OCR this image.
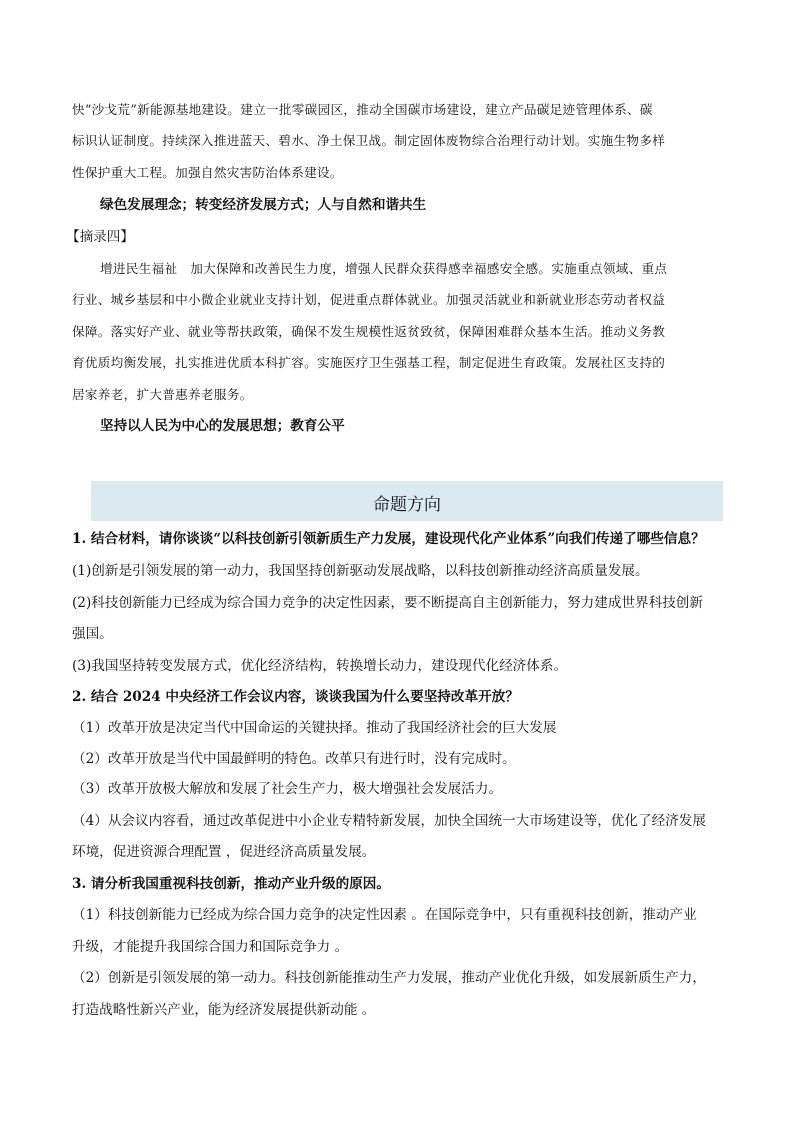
快“沙戈荒”新能源基地建设。建立一批零碳园区，推动全国碳市场建设，建立产品碳足迹管理体系、碳
标识认证制度。持续深入推进蓝天、碧水、净土保卫战。制定固体废物综合治理行动计划。实施生物多样
性保护重大工程。加强自然灾害防治体系建设。
绿色发展理念；转变经济发展方式；人与自然和谐共生
【摘录四】
增进民生福祉　加大保障和改善民生力度，增强人民群众获得感幸福感安全感。实施重点领域、重点
行业、城乡基层和中小微企业就业支持计划，促进重点群体就业。加强灵活就业和新就业形态劳动者权益
保障。落实好产业、就业等帮扶政策，确保不发生规模性返贫致贫，保障困难群众基本生活。推动义务教
育优质均衡发展，扎实推进优质本科扩容。实施医疗卫生强基工程，制定促进生育政策。发展社区支持的
居家养老，扩大普惠养老服务。
坚持以人民为中心的发展思想；教育公平
命题方向
1. 结合材料，请你谈谈“以科技创新引领新质生产力发展，建设现代化产业体系”向我们传递了哪些信息？
(1)创新是引领发展的第一动力，我国坚持创新驱动发展战略，以科技创新推动经济高质量发展。
(2)科技创新能力已经成为综合国力竞争的决定性因素，要不断提高自主创新能力，努力建成世界科技创新
强国。
(3)我国坚持转变发展方式，优化经济结构，转换增长动力，建设现代化经济体系。
2. 结合 2024 中央经济工作会议内容，谈谈我国为什么要坚持改革开放？
（1）改革开放是决定当代中国命运的关键抉择。推动了我国经济社会的巨大发展
（2）改革开放是当代中国最鲜明的特色。改革只有进行时，没有完成时。
（3）改革开放极大解放和发展了社会生产力，极大增强社会发展活力。
（4）从会议内容看，通过改革促进中小企业专精特新发展，加快全国统一大市场建设等，优化了经济发展
环境，促进资源合理配置 ，促进经济高质量发展。
3. 请分析我国重视科技创新，推动产业升级的原因。
（1）科技创新能力已经成为综合国力竞争的决定性因素 。在国际竞争中，只有重视科技创新，推动产业
升级，才能提升我国综合国力和国际竞争力 。
（2）创新是引领发展的第一动力。科技创新能推动生产力发展，推动产业优化升级，如发展新质生产力，
打造战略性新兴产业，能为经济发展提供新动能 。
